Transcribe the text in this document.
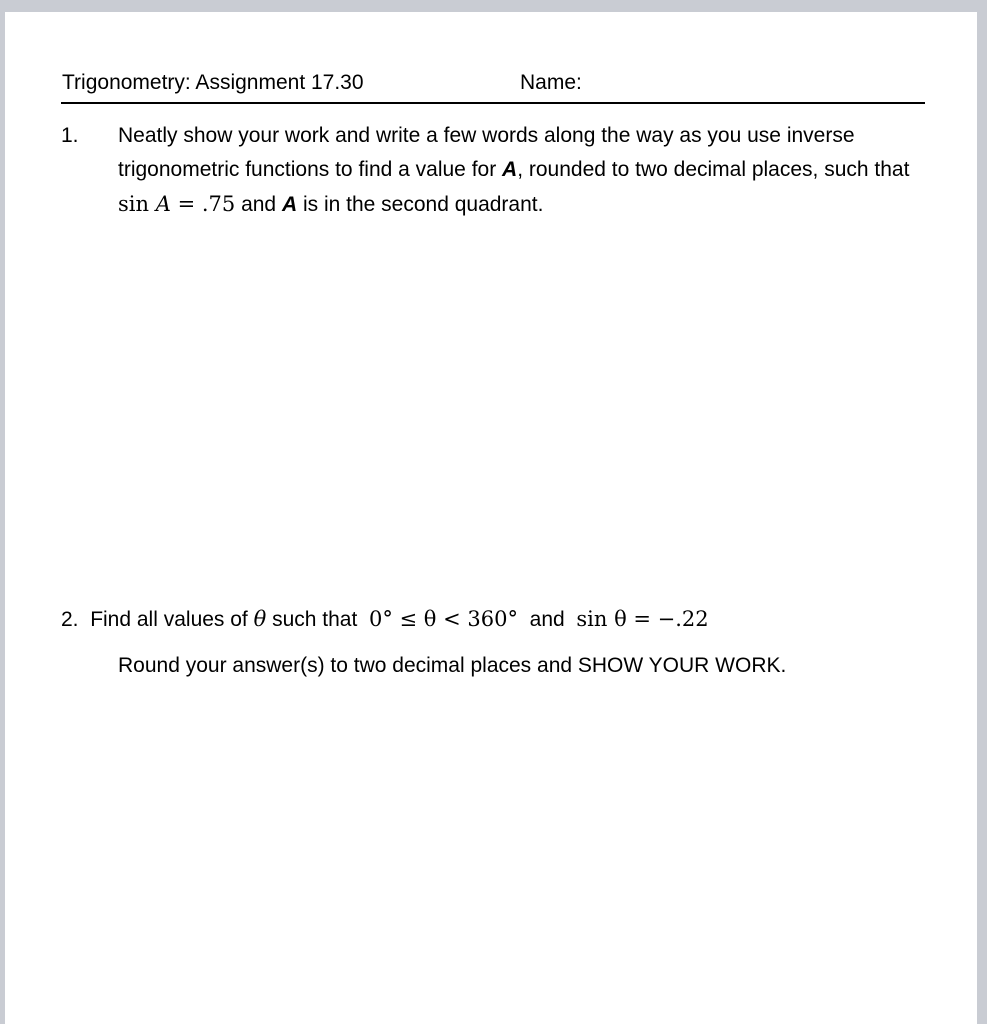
Trigonometry: Assignment 17.30	Name:
1. Neatly show your work and write a few words along the way as you use inverse trigonometric functions to find a value for A, rounded to two decimal places, such that sin A = .75 and A is in the second quadrant.
2. Find all values of θ such that  0° ≤ θ < 360° and sin θ = −.22
Round your answer(s) to two decimal places and SHOW YOUR WORK.
